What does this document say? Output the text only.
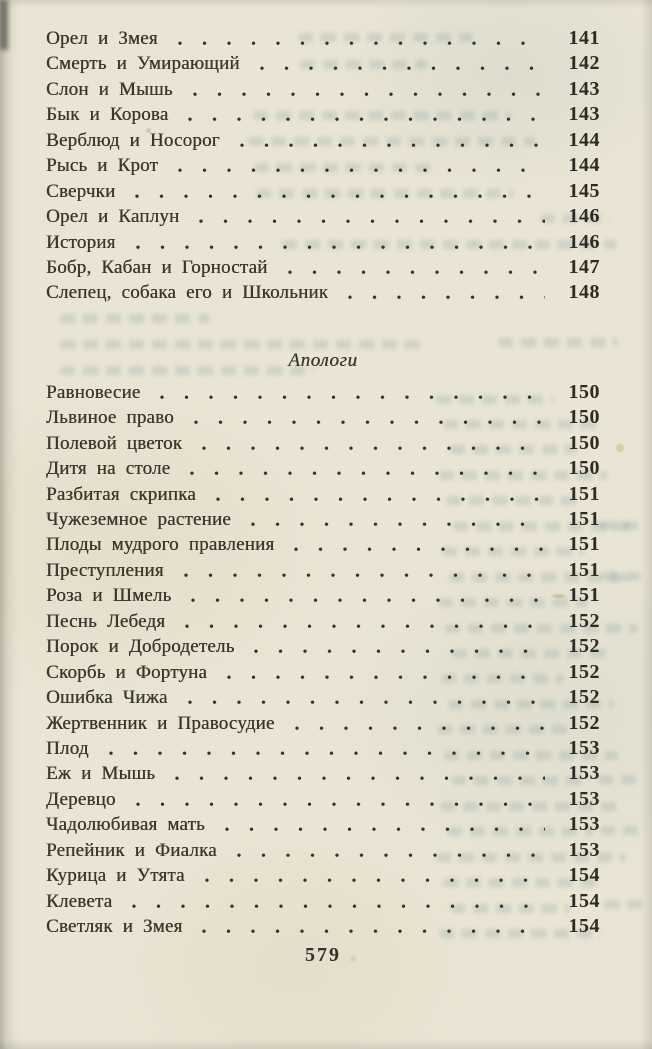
Орел и Змея	141
Смерть и Умирающий	142
Слон и Мышь	143
Бык и Корова	143
Верблюд и Носорог	144
Рысь и Крот	144
Сверчки	145
Орел и Каплун	146
История	146
Бобр, Кабан и Горностай	147
Слепец, собака его и Школьник	148
Апологи
Равновесие	150
Львиное право	150
Полевой цветок	150
Дитя на столе	150
Разбитая скрипка	151
Чужеземное растение	151
Плоды мудрого правления	151
Преступления	151
Роза и Шмель	151
Песнь Лебедя	152
Порок и Добродетель	152
Скорбь и Фортуна	152
Ошибка Чижа	152
Жертвенник и Правосудие	152
Плод	153
Еж и Мышь	153
Деревцо	153
Чадолюбивая мать	153
Репейник и Фиалка	153
Курица и Утята	154
Клевета	154
Светляк и Змея	154
579
